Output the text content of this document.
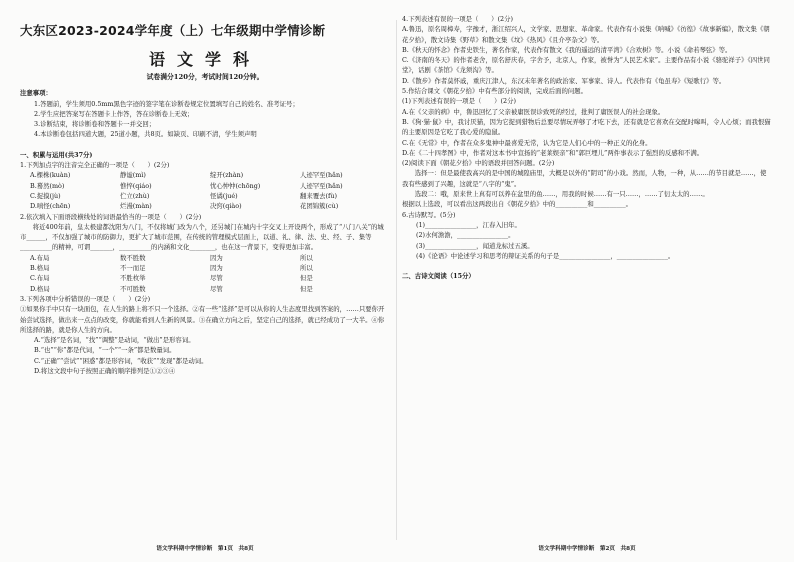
大东区2023-2024学年度（上）七年级期中学情诊断
语文学科
试卷满分120分，考试时间120分钟。
注意事项：

1.答题前，学生须用0.5mm黑色字迹的签字笔在诊断卷规定位置填写自己的姓名、准考证号；

2.学生应把答案写在答题卡上作答，答在诊断卷上无效；

3.诊断结束，将诊断卷和答题卡一并交回；

4.本诊断卷包括四道大题，25道小题，共8页。如缺页、印刷不清，学生须声明

一、积累与运用(共37分)

1.下列加点字的注音完全正确的一项是（　　）(2分)

A.棵株(kuàn)	静谧(mì)	绽开(zhàn)	人迹罕至(hǎn)
B.蓦然(mò)	憔悴(qiáo)	忧心忡忡(chōng)	人迹罕至(hǎn)
C.捉摸(jù)	伫立(zhù)	怪谲(jué)	翻来覆去(fù)
D.嗔怪(chēn)	烂漫(màn)	决窍(qiào)	花团锦簇(cù)

2.依次填入下面语段横线处的词语最恰当的一项是（　　）(2分)

　　将近400年前，皇太极建都沈阳为八门，不仅将城门改为八个，还另城门在城内十字交叉上开设两个，形成了“八门八关”的城市______，不仅加强了城市的防御力，更扩大了城市范围，在传统的管理模式层面上，以道、礼、律、法、史、经、子、集等__________的精神，可谓_______，__________的内涵和文化________，也在这一背景下，变得更加丰富。

A.布局	数不胜数	因为	所以
B.格局	不一而足	因为	所以
C.布局	不胜枚举	尽管	但是
D.格局	不可胜数	尽管	但是

3.下列各项中分析错误的一项是（　　）(2分)

①如果你手中只有一块面包，在人生的路上将不只一个选择。②有一些“选择”是可以从你的人生态度里找到答案的，……只要你开始尝试选择，做出来一点点的改变，你就能看到人生新的风景。③在确立方向之后，坚定自己的选择，就已经成功了一大半。④你所选择的路，就是你人生的方向。

A.“选择”是名词，“找”“调整”是动词，“做出”是形容词。

B.“也”“你”都是代词，“一个”“一条”都是数量词。

C.“正确”“尝试”“困惑”都是形容词，“收获”“发现”都是动词。

D.将这文段中句子按照正确的顺序排列是①②③④

语文学科期中学情诊断　第1页　共8页

4.下列表述有误的一项是（　　）(2分)

A.鲁迅，原名周樟寿，字豫才，浙江绍兴人，文学家、思想家、革命家。代表作有小说集《呐喊》《彷徨》《故事新编》，散文集《朝花夕拾》，散文诗集《野草》和散文集《坟》《热风》《且介亭杂文》等。

B.《秋天的怀念》作者史铁生，著名作家，代表作有散文《我的遥远的清平湾》《合欢树》等。小说《命若琴弦》等。

C.《济南的冬天》的作者老舍，原名舒庆春，字舍予，北京人，作家，被誉为“人民艺术家”。主要作品有小说《骆驼祥子》《四世同堂》，话剧《茶馆》《龙须沟》等。

D.《散步》作者莫怀戚，重庆江津人，东汉末年著名的政治家、军事家、诗人。代表作有《龟虽寿》《短歌行》等。

5.作结合课文《朝花夕拾》中有些部分的阅读，完成后面的问题。

(1)下列表述有误的一项是（　　）(2分)

A.在《父亲的病》中，鲁迅回忆了父亲被庸医误诊致死的经过，批判了庸医误人的社会现象。

B.《狗·猫·鼠》中，我讨厌猫，因为它捉到猎物后总要尽情玩弄够了才吃下去，还有就是它喜欢在交配时嗥叫，令人心烦；而我恨猫的主要原因是它吃了我心爱的隐鼠。

C.在《无常》中，作者在众多鬼神中最喜爱无常，认为它是人们心中的一种正义的化身。

D.在《二十四孝图》中，作者对这本书中宣扬的“老莱娱亲”和“郭巨埋儿”两件事表示了强烈的反感和不满。

(2)阅读下面《朝花夕拾》中的语段并回答问题。(2分)

　　选择一：但是最使我高兴的是中国的城隍庙里，大概是以外的“阴司”的小戏。然而，人物，一种，从……的节目就是……，使我有些感到了兴趣，这就是“八字的“鬼”。

　　选段二：哦，原来世上真有可以养在盆里的鱼……，用我的时候……有一只……，……了衍太太的……。

根据以上选段，可以看出这两段出自《朝花夕拾》中的__________和__________。

6.古诗默写。(5分)

(1)________________，江春入旧年。

(2)水何澹澹，________________。

(3)________________，闻道龙标过五溪。

(4)《论语》中论述学习和思考的辩证关系的句子是________________，________________。

二、古诗文阅读（15分）
语文学科期中学情诊断　第2页　共8页
